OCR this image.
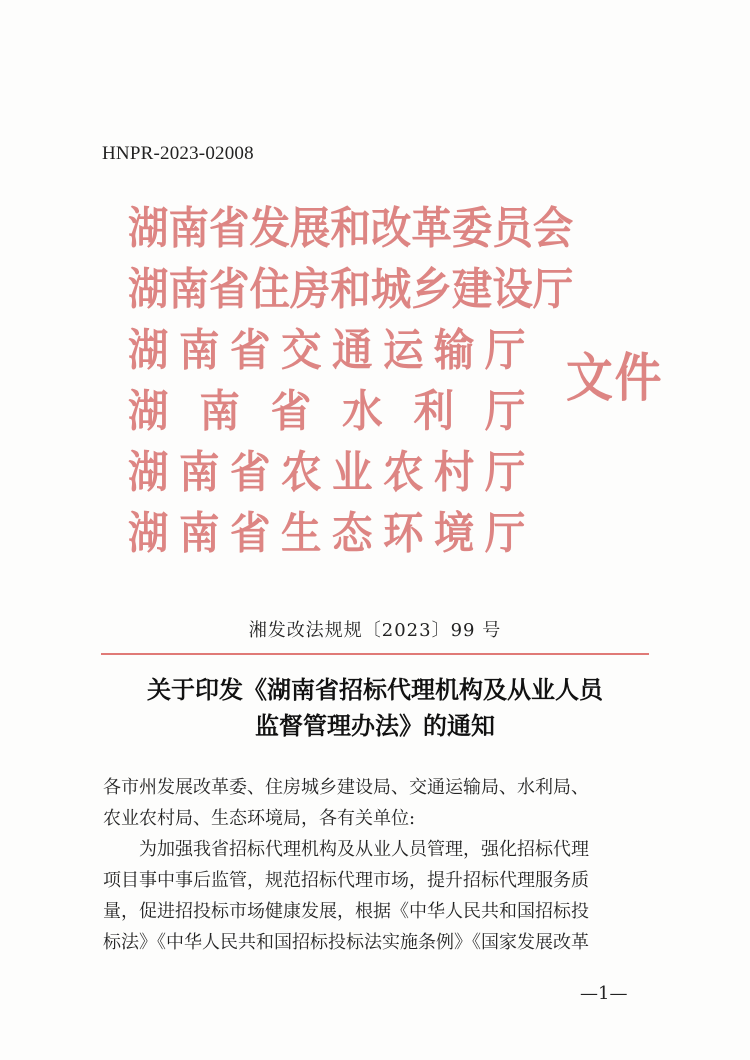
HNPR-2023-02008
湖 南 省 发 展 和 改 革 委 员 会
湖 南 省 住 房 和 城 乡 建 设 厅
湖 南 省 交 通 运 输 厅
湖 南 省 水 利 厅
湖 南 省 农 业 农 村 厅
湖 南 省 生 态 环 境 厅
文件
湘发改法规规〔2023〕99 号
关于印发《湖南省招标代理机构及从业人员
监督管理办法》的通知
各市州发展改革委、住房城乡建设局、交通运输局、水利局、
农业农村局、生态环境局，各有关单位:
为加强我省招标代理机构及从业人员管理，强化招标代理
项目事中事后监管，规范招标代理市场，提升招标代理服务质
量，促进招投标市场健康发展，根据《中华人民共和国招标投
标法》《中华人民共和国招标投标法实施条例》《国家发展改革
—1—
